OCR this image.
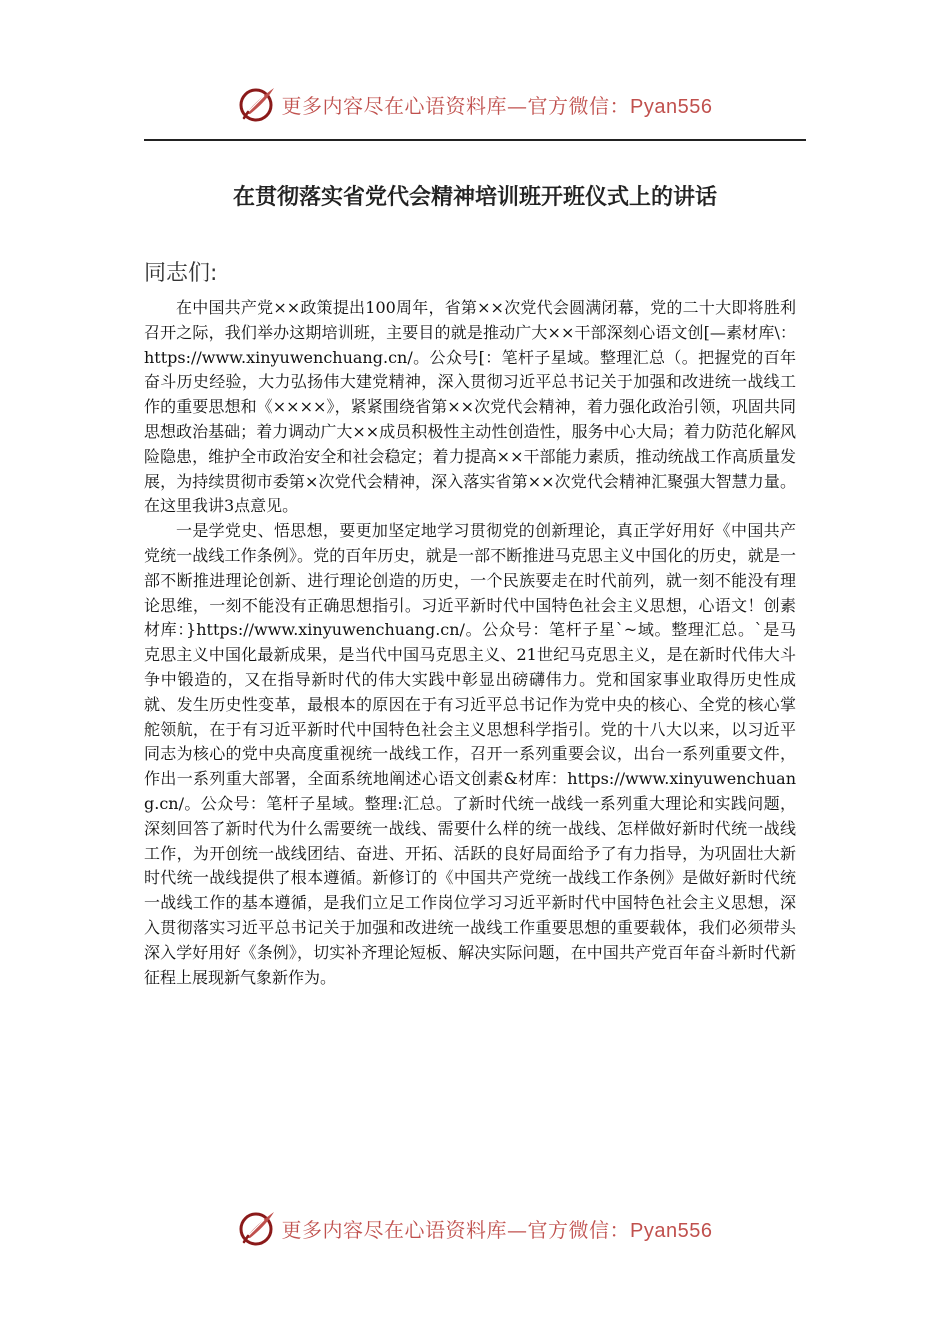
更多内容尽在心语资料库—官方微信：Pyan556
在贯彻落实省党代会精神培训班开班仪式上的讲话

同志们:

在中国共产党××政策提出100周年，省第××次党代会圆满闭幕，党的二十大即将胜利召开之际，我们举办这期培训班，主要目的就是推动广大××干部深刻心语文创[—素材库\：https://www.xinyuwenchuang.cn/。公众号[：笔杆子星域。整理汇总（。把握党的百年奋斗历史经验，大力弘扬伟大建党精神，深入贯彻习近平总书记关于加强和改进统一战线工作的重要思想和《××××》，紧紧围绕省第××次党代会精神，着力强化政治引领，巩固共同思想政治基础；着力调动广大××成员积极性主动性创造性，服务中心大局；着力防范化解风险隐患，维护全市政治安全和社会稳定；着力提高××干部能力素质，推动统战工作高质量发展，为持续贯彻市委第×次党代会精神，深入落实省第××次党代会精神汇聚强大智慧力量。在这里我讲3点意见。

一是学党史、悟思想，要更加坚定地学习贯彻党的创新理论，真正学好用好《中国共产党统一战线工作条例》。党的百年历史，就是一部不断推进马克思主义中国化的历史，就是一部不断推进理论创新、进行理论创造的历史，一个民族要走在时代前列，就一刻不能没有理论思维，一刻不能没有正确思想指引。习近平新时代中国特色社会主义思想，心语文！创素材库：}https://www.xinyuwenchuang.cn/。公众号：笔杆子星`~域。整理汇总。`是马克思主义中国化最新成果，是当代中国马克思主义、21世纪马克思主义，是在新时代伟大斗争中锻造的，又在指导新时代的伟大实践中彰显出磅礴伟力。党和国家事业取得历史性成就、发生历史性变革，最根本的原因在于有习近平总书记作为党中央的核心、全党的核心掌舵领航，在于有习近平新时代中国特色社会主义思想科学指引。党的十八大以来，以习近平同志为核心的党中央高度重视统一战线工作，召开一系列重要会议，出台一系列重要文件，作出一系列重大部署，全面系统地阐述心语文创素&材库：https://www.xinyuwenchuang.cn/。公众号：笔杆子星域。整理:汇总。了新时代统一战线一系列重大理论和实践问题，深刻回答了新时代为什么需要统一战线、需要什么样的统一战线、怎样做好新时代统一战线工作，为开创统一战线团结、奋进、开拓、活跃的良好局面给予了有力指导，为巩固壮大新时代统一战线提供了根本遵循。新修订的《中国共产党统一战线工作条例》是做好新时代统一战线工作的基本遵循，是我们立足工作岗位学习习近平新时代中国特色社会主义思想，深入贯彻落实习近平总书记关于加强和改进统一战线工作重要思想的重要载体，我们必须带头深入学好用好《条例》，切实补齐理论短板、解决实际问题，在中国共产党百年奋斗新时代新征程上展现新气象新作为。

更多内容尽在心语资料库—官方微信：Pyan556
